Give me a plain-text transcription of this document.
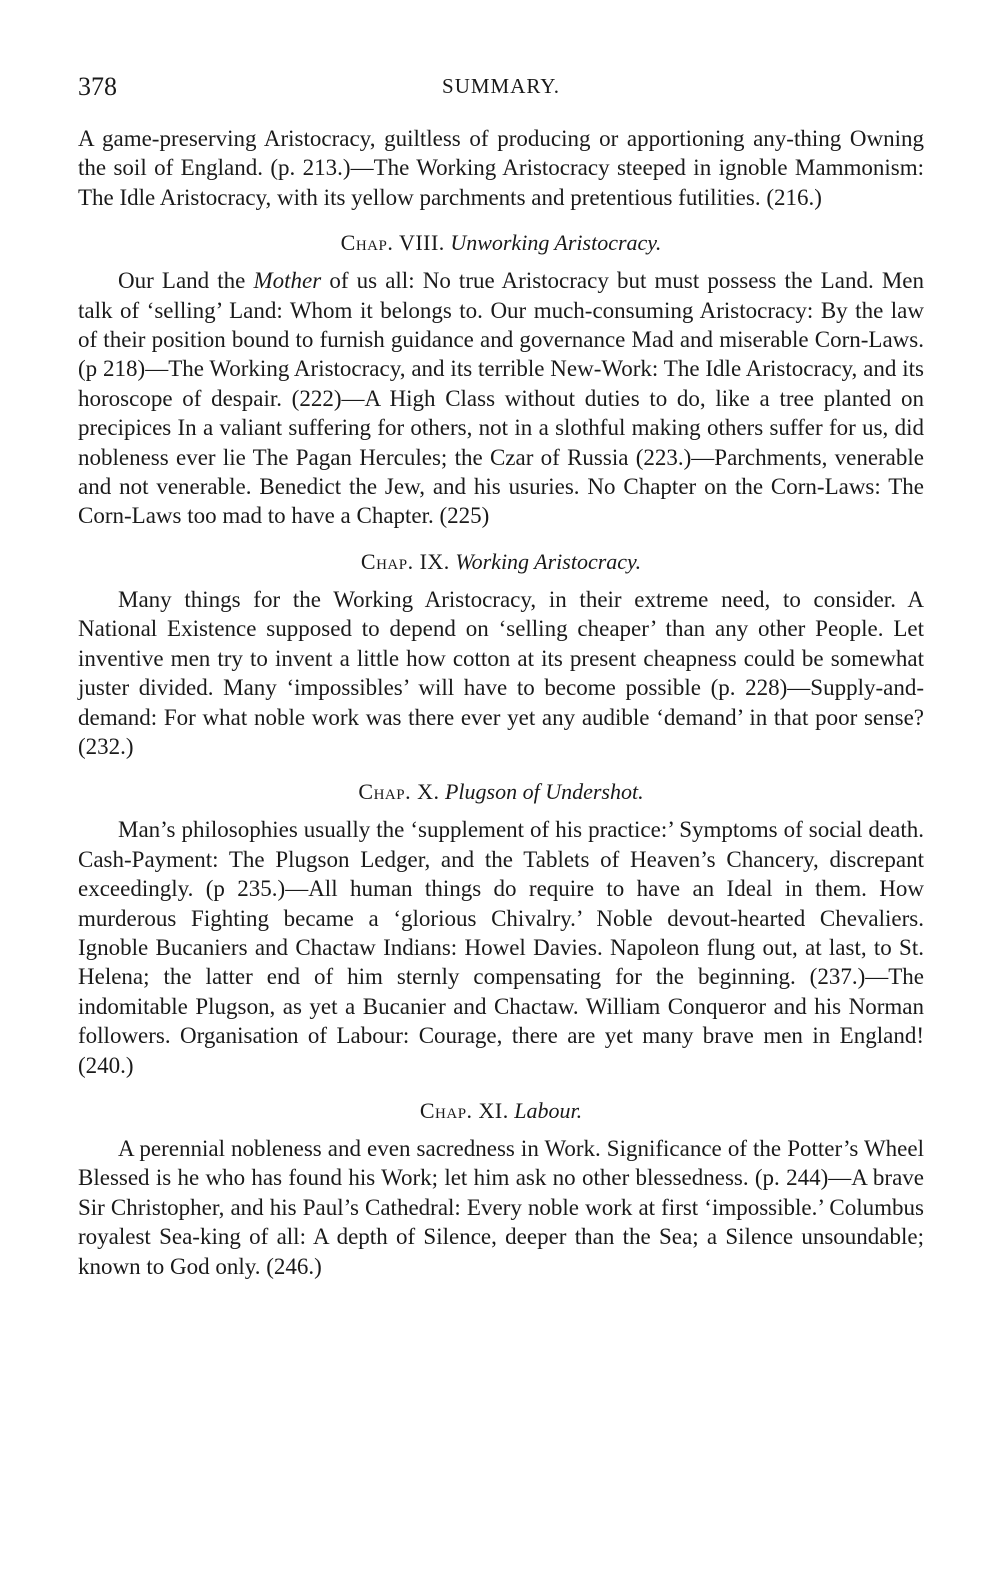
378	SUMMARY.

A game-preserving Aristocracy, guiltless of producing or apportioning any-thing Owning the soil of England. (p. 213.)—The Working Aristocracy steeped in ignoble Mammonism: The Idle Aristocracy, with its yellow parchments and pretentious futilities. (216.)

Chap. VIII. Unworking Aristocracy.

Our Land the Mother of us all: No true Aristocracy but must possess the Land. Men talk of ‘selling’ Land: Whom it belongs to. Our much-consuming Aristocracy: By the law of their position bound to furnish guidance and governance Mad and miserable Corn-Laws. (p 218)—The Working Aristocracy, and its terrible New-Work: The Idle Aristocracy, and its horoscope of despair. (222)—A High Class without duties to do, like a tree planted on precipices In a valiant suffering for others, not in a slothful making others suffer for us, did nobleness ever lie The Pagan Hercules; the Czar of Russia (223.)—Parchments, venerable and not venerable. Benedict the Jew, and his usuries. No Chapter on the Corn-Laws: The Corn-Laws too mad to have a Chapter. (225)

Chap. IX. Working Aristocracy.

Many things for the Working Aristocracy, in their extreme need, to consider. A National Existence supposed to depend on ‘selling cheaper’ than any other People. Let inventive men try to invent a little how cotton at its present cheapness could be somewhat juster divided. Many ‘impossibles’ will have to become possible (p. 228)—Supply-and-demand: For what noble work was there ever yet any audible ‘demand’ in that poor sense? (232.)

Chap. X. Plugson of Undershot.

Man’s philosophies usually the ‘supplement of his practice:’ Symptoms of social death. Cash-Payment: The Plugson Ledger, and the Tablets of Heaven’s Chancery, discrepant exceedingly. (p 235.)—All human things do require to have an Ideal in them. How murderous Fighting became a ‘glorious Chivalry.’ Noble devout-hearted Chevaliers. Ignoble Bucaniers and Chactaw Indians: Howel Davies. Napoleon flung out, at last, to St. Helena; the latter end of him sternly compensating for the beginning. (237.)—The indomitable Plugson, as yet a Bucanier and Chactaw. William Conqueror and his Norman followers. Organisation of Labour: Courage, there are yet many brave men in England! (240.)

Chap. XI. Labour.

A perennial nobleness and even sacredness in Work. Significance of the Potter’s Wheel Blessed is he who has found his Work; let him ask no other blessedness. (p. 244)—A brave Sir Christopher, and his Paul’s Cathedral: Every noble work at first ‘impossible.’ Columbus royalest Sea-king of all: A depth of Silence, deeper than the Sea; a Silence unsoundable; known to God only. (246.)
